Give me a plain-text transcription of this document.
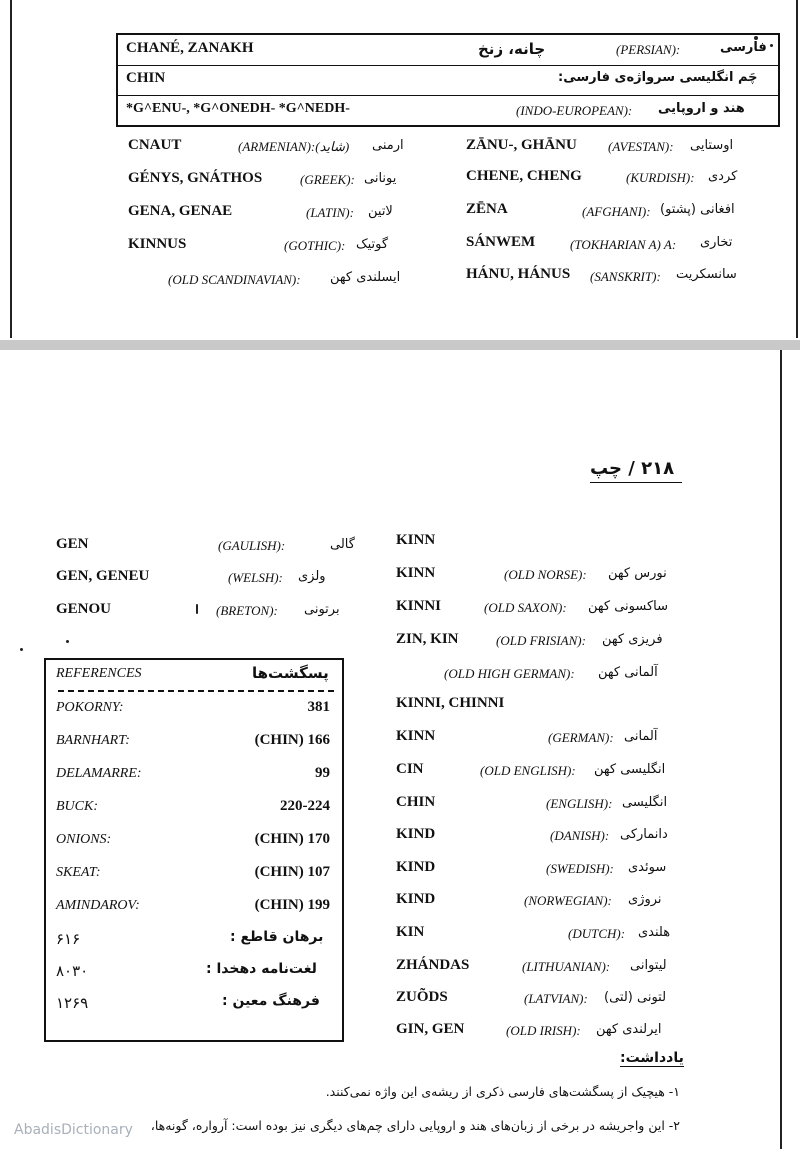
CHANÉ, ZANAKH	چانه، زنخ	(PERSIAN):	فارسی
CHIN	چَم انگلیسی سرواژه‌ی فارسی:
*G^ENU-, *G^ONEDH- *G^NEDH-	(INDO-EUROPEAN): هند و اروپایی
CNAUT	(ARMENIAN):(شاید) ارمنی
GÉNYS, GNÁTHOS	(GREEK): یونانی
GENA, GENAE	(LATIN): لاتین
KINNUS	(GOTHIC): گوتیک
(OLD SCANDINAVIAN): ایسلندی کهن
ZĀNU-, GHĀNU (AVESTAN): اوستایی
CHENE, CHENG	(KURDISH): کردی
ZĒNA	(AFGHANI): افغانی (پشتو)
SÁNWEM	(TOKHARIAN A) A: تخاری
HÁNU, HÁNUS (SANSKRIT): سانسکریت
۲۱۸ / چپ
GEN	(GAULISH):	گالی
GEN, GENEU	(WELSH): ولزی
GENOU	(BRETON): برتونی
KINN
KINN	(OLD NORSE): نورس کهن
KINNI	(OLD SAXON): ساکسونی کهن
ZIN, KIN	(OLD FRISIAN): فریزی کهن
(OLD HIGH GERMAN): آلمانی کهن
KINNI, CHINNI
KINN	(GERMAN): آلمانی
CIN	(OLD ENGLISH): انگلیسی کهن
CHIN	(ENGLISH): انگلیسی
KIND	(DANISH): دانمارکی
KIND	(SWEDISH): سوئدی
KIND	(NORWEGIAN): نروژی
KIN	(DUTCH): هلندی
ZHÁNDAS	(LITHUANIAN): لیتوانی
ZUÕDS	(LATVIAN): لتونی (لتی)
GIN, GEN	(OLD IRISH): ایرلندی کهن
REFERENCES	پسگشت‌ها
POKORNY:	381
BARNHART:	(CHIN) 166
DELAMARRE:	99
BUCK:	220-224
ONIONS:	(CHIN) 170
SKEAT:	(CHIN) 107
AMINDAROV:	(CHIN) 199
۶۱۶	برهان قاطع :
۸۰۳۰	لغت‌نامه دهخدا :
۱۲۶۹	فرهنگ معین :
یادداشت:
۱- هیچیک از پسگشت‌های فارسی ذکری از ریشه‌ی این واژه نمی‌کنند.
۲- این واجریشه در برخی از زبان‌های هند و اروپایی دارای چم‌های دیگری نیز بوده است: آرواره، گونه‌ها،
AbadisDictionary
